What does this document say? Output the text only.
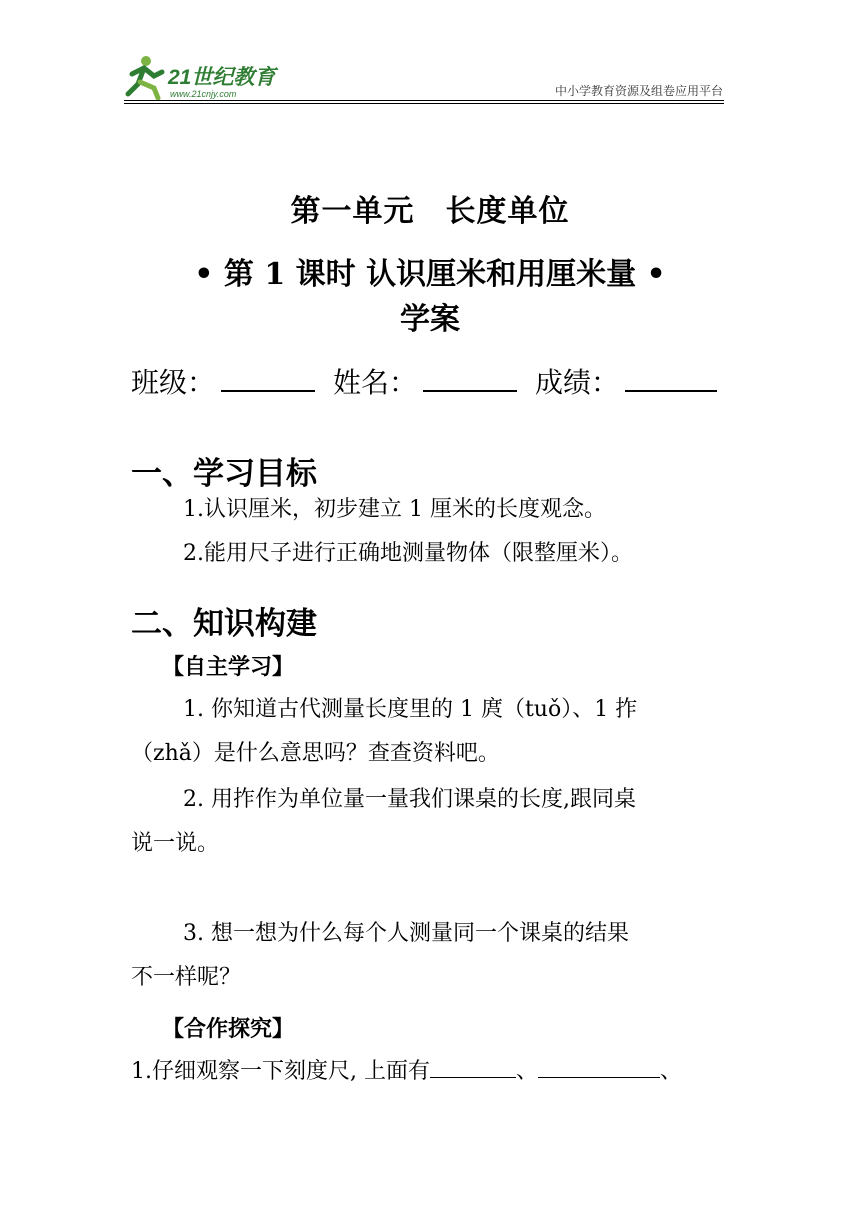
21世纪教育
www.21cnjy.com	中小学教育资源及组卷应用平台
第一单元　长度单位
• 第 1 课时 认识厘米和用厘米量 •
学案
班级：	姓名：	成绩：
一、学习目标
1.认识厘米，初步建立 1 厘米的长度观念。
2.能用尺子进行正确地测量物体（限整厘米）。
二、知识构建
【自主学习】
1. 你知道古代测量长度里的 1 庹（tuǒ）、1 拃
（zhǎ）是什么意思吗？查查资料吧。
2. 用拃作为单位量一量我们课桌的长度,跟同桌
说一说。
3. 想一想为什么每个人测量同一个课桌的结果
不一样呢？
【合作探究】
1.仔细观察一下刻度尺, 上面有	、	、
